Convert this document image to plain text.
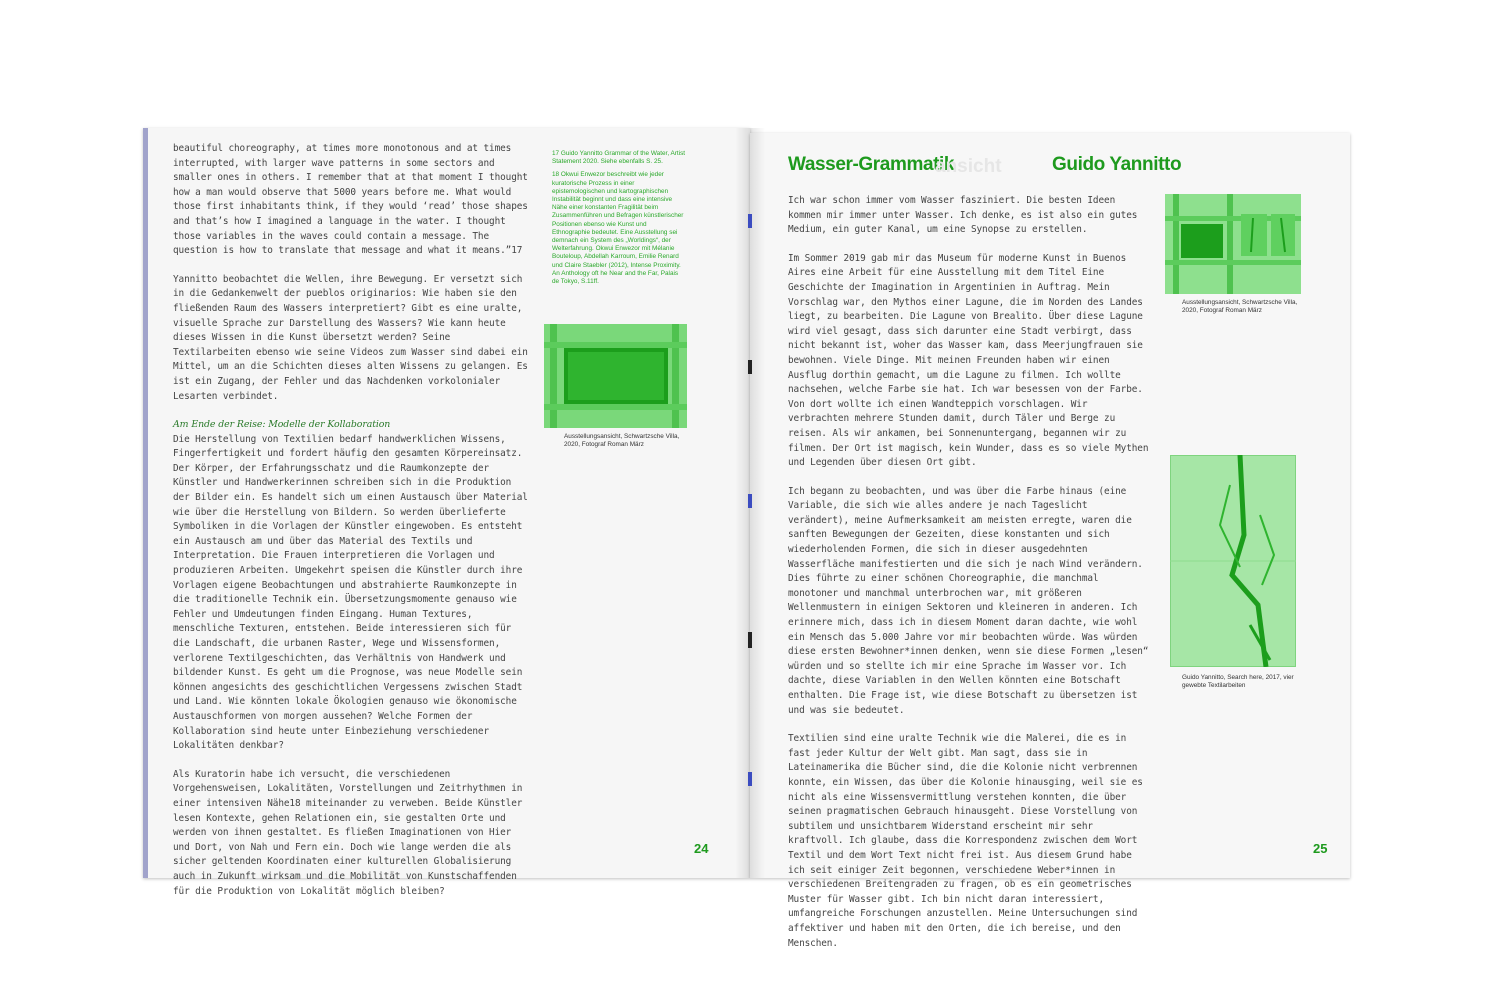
beautiful choreography, at times more monotonous and at times interrupted, with larger wave patterns in some sectors and smaller ones in others. I remember that at that moment I thought how a man would observe that 5000 years before me. What would those first inhabitants think, if they would ‘read’ those shapes and that’s how I imagined a language in the water. I thought those variables in the waves could contain a message. The question is how to translate that message and what it means.”17

Yannitto beobachtet die Wellen, ihre Bewegung. Er versetzt sich in die Gedankenwelt der pueblos originarios: Wie haben sie den fließenden Raum des Wassers interpretiert? Gibt es eine uralte, visuelle Sprache zur Darstellung des Wassers? Wie kann heute dieses Wissen in die Kunst übersetzt werden? Seine Textilarbeiten ebenso wie seine Videos zum Wasser sind dabei ein Mittel, um an die Schichten dieses alten Wissens zu gelangen. Es ist ein Zugang, der Fehler und das Nachdenken vorkolonialer Lesarten verbindet.

Am Ende der Reise: Modelle der Kollaboration

Die Herstellung von Textilien bedarf handwerklichen Wissens, Fingerfertigkeit und fordert häufig den gesamten Körpereinsatz. Der Körper, der Erfahrungsschatz und die Raumkonzepte der Künstler und Handwerkerinnen schreiben sich in die Produktion der Bilder ein. Es handelt sich um einen Austausch über Material wie über die Herstellung von Bildern. So werden überlieferte Symboliken in die Vorlagen der Künstler eingewoben. Es entsteht ein Austausch am und über das Material des Textils und Interpretation. Die Frauen interpretieren die Vorlagen und produzieren Arbeiten. Umgekehrt speisen die Künstler durch ihre Vorlagen eigene Beobachtungen und abstrahierte Raumkonzepte in die traditionelle Technik ein. Übersetzungsmomente genauso wie Fehler und Umdeutungen finden Eingang. Human Textures, menschliche Texturen, entstehen. Beide interessieren sich für die Landschaft, die urbanen Raster, Wege und Wissensformen, verlorene Textilgeschichten, das Verhältnis von Handwerk und bildender Kunst. Es geht um die Prognose, was neue Modelle sein können angesichts des geschichtlichen Vergessens zwischen Stadt und Land. Wie könnten lokale Ökologien genauso wie ökonomische Austauschformen von morgen aussehen? Welche Formen der Kollaboration sind heute unter Einbeziehung verschiedener Lokalitäten denkbar?

Als Kuratorin habe ich versucht, die verschiedenen Vorgehensweisen, Lokalitäten, Vorstellungen und Zeitrhythmen in einer intensiven Nähe18 miteinander zu verweben. Beide Künstler lesen Kontexte, gehen Relationen ein, sie gestalten Orte und werden von ihnen gestaltet. Es fließen Imaginationen von Hier und Dort, von Nah und Fern ein. Doch wie lange werden die als sicher geltenden Koordinaten einer kulturellen Globalisierung auch in Zukunft wirksam und die Mobilität von Kunstschaffenden für die Produktion von Lokalität möglich bleiben?

17 Guido Yannitto Grammar of the Water, Artist Statement 2020. Siehe ebenfalls S. 25.

18 Okwui Enwezor beschreibt wie jeder kuratorische Prozess in einer epistemologischen und kartographischen Instabilität beginnt und dass eine intensive Nähe einer konstanten Fragilität beim Zusammenführen und Befragen künstlerischer Positionen ebenso wie Kunst und Ethnographie bedeutet. Eine Ausstellung sei demnach ein System des „Worldings“, der Welterfahrung. Okwui Enwezor mit Mélanie Bouteloup, Abdellah Karroum, Emilie Renard und Claire Staebler (2012), Intense Proximity. An Anthology oft he Near and the Far, Palais de Tokyo, S.11ff.

Ausstellungsansicht, Schwartzsche Villa, 2020, Fotograf Roman März
24
Wasser-Grammatik
ansicht	Guido Yannitto

Ich war schon immer vom Wasser fasziniert. Die besten Ideen kommen mir immer unter Wasser. Ich denke, es ist also ein gutes Medium, ein guter Kanal, um eine Synopse zu erstellen.

Im Sommer 2019 gab mir das Museum für moderne Kunst in Buenos Aires eine Arbeit für eine Ausstellung mit dem Titel Eine Geschichte der Imagination in Argentinien in Auftrag. Mein Vorschlag war, den Mythos einer Lagune, die im Norden des Landes liegt, zu bearbeiten. Die Lagune von Brealito. Über diese Lagune wird viel gesagt, dass sich darunter eine Stadt verbirgt, dass nicht bekannt ist, woher das Wasser kam, dass Meerjungfrauen sie bewohnen. Viele Dinge. Mit meinen Freunden haben wir einen Ausflug dorthin gemacht, um die Lagune zu filmen. Ich wollte nachsehen, welche Farbe sie hat. Ich war besessen von der Farbe. Von dort wollte ich einen Wandteppich vorschlagen. Wir verbrachten mehrere Stunden damit, durch Täler und Berge zu reisen. Als wir ankamen, bei Sonnenuntergang, begannen wir zu filmen. Der Ort ist magisch, kein Wunder, dass es so viele Mythen und Legenden über diesen Ort gibt.

Ich begann zu beobachten, und was über die Farbe hinaus (eine Variable, die sich wie alles andere je nach Tageslicht verändert), meine Aufmerksamkeit am meisten erregte, waren die sanften Bewegungen der Gezeiten, diese konstanten und sich wiederholenden Formen, die sich in dieser ausgedehnten Wasserfläche manifestierten und die sich je nach Wind verändern. Dies führte zu einer schönen Choreographie, die manchmal monotoner und manchmal unterbrochen war, mit größeren Wellenmustern in einigen Sektoren und kleineren in anderen. Ich erinnere mich, dass ich in diesem Moment daran dachte, wie wohl ein Mensch das 5.000 Jahre vor mir beobachten würde. Was würden diese ersten Bewohner*innen denken, wenn sie diese Formen „lesen“ würden und so stellte ich mir eine Sprache im Wasser vor. Ich dachte, diese Variablen in den Wellen könnten eine Botschaft enthalten. Die Frage ist, wie diese Botschaft zu übersetzen ist und was sie bedeutet.

Textilien sind eine uralte Technik wie die Malerei, die es in fast jeder Kultur der Welt gibt. Man sagt, dass sie in Lateinamerika die Bücher sind, die die Kolonie nicht verbrennen konnte, ein Wissen, das über die Kolonie hinausging, weil sie es nicht als eine Wissensvermittlung verstehen konnten, die über seinen pragmatischen Gebrauch hinausgeht. Diese Vorstellung von subtilem und unsichtbarem Widerstand erscheint mir sehr kraftvoll. Ich glaube, dass die Korrespondenz zwischen dem Wort Textil und dem Wort Text nicht frei ist. Aus diesem Grund habe ich seit einiger Zeit begonnen, verschiedene Weber*innen in verschiedenen Breitengraden zu fragen, ob es ein geometrisches Muster für Wasser gibt. Ich bin nicht daran interessiert, umfangreiche Forschungen anzustellen. Meine Untersuchungen sind affektiver und haben mit den Orten, die ich bereise, und den Menschen.

Ausstellungsansicht, Schwartzsche Villa, 2020, Fotograf Roman März
Guido Yannitto, Search here, 2017, vier gewebte Textilarbeiten
25
